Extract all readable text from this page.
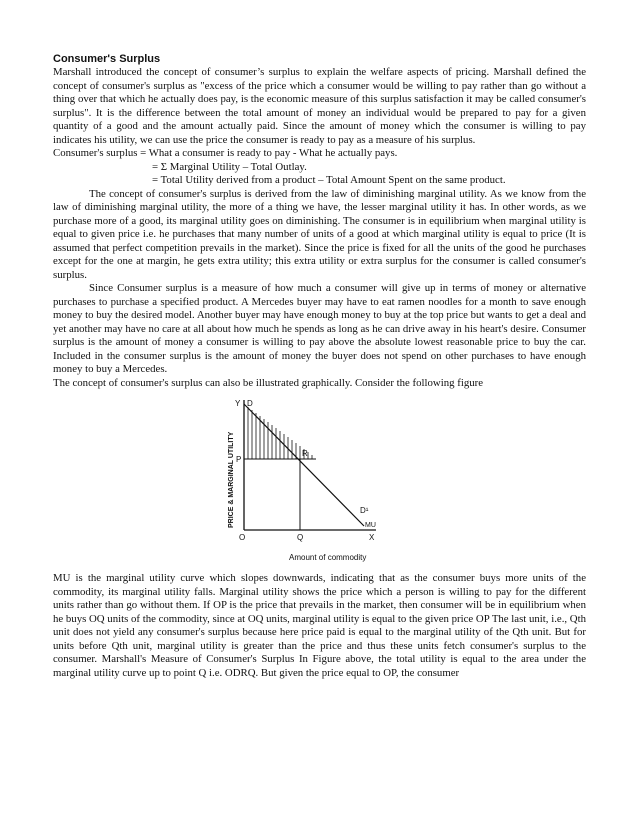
Consumer's Surplus

Marshall introduced the concept of consumer’s surplus to explain the welfare aspects of pricing. Marshall defined the concept of consumer's surplus as "excess of the price which a consumer would be willing to pay rather than go without a thing over that which he actually does pay, is the economic measure of this surplus satisfaction it may be called consumer's surplus". It is the difference between the total amount of money an individual would be prepared to pay for a given quantity of a good and the amount actually paid. Since the amount of money which the consumer is willing to pay indicates his utility, we can use the price the consumer is ready to pay as a measure of his surplus.

Consumer's surplus = What a consumer is ready to pay - What he actually pays.

= Σ Marginal Utility – Total Outlay.

= Total Utility derived from a product – Total Amount Spent on the same product.

The concept of consumer's surplus is derived from the law of diminishing marginal utility. As we know from the law of diminishing marginal utility, the more of a thing we have, the lesser marginal utility it has. In other words, as we purchase more of a good, its marginal utility goes on diminishing. The consumer is in equilibrium when marginal utility is equal to given price i.e. he purchases that many number of units of a good at which marginal utility is equal to price (It is assumed that perfect competition prevails in the market). Since the price is fixed for all the units of the good he purchases except for the one at margin, he gets extra utility; this extra utility or extra surplus for the consumer is called consumer's surplus.

Since Consumer surplus is a measure of how much a consumer will give up in terms of money or alternative purchases to purchase a specified product. A Mercedes buyer may have to eat ramen noodles for a month to save enough money to buy the desired model. Another buyer may have enough money to buy at the top price but wants to get a deal and yet another may have no care at all about how much he spends as long as he can drive away in his heart's desire. Consumer surplus is the amount of money a consumer is willing to pay above the absolute lowest reasonable price to buy the car. Included in the consumer surplus is the amount of money the buyer does not spend on other purchases to have enough money to buy a Mercedes.

The concept of consumer's surplus can also be illustrated graphically. Consider the following figure

Y D
P
R
O	Q	X
D¹
MU
PRICE & MARGINAL UTILITY
Amount of commodity

MU is the marginal utility curve which slopes downwards, indicating that as the consumer buys more units of the commodity, its marginal utility falls. Marginal utility shows the price which a person is willing to pay for the different units rather than go without them. If OP is the price that prevails in the market, then consumer will be in equilibrium when he buys OQ units of the commodity, since at OQ units, marginal utility is equal to the given price OP The last unit, i.e., Qth unit does not yield any consumer's surplus because here price paid is equal to the marginal utility of the Qth unit. But for units before Qth unit, marginal utility is greater than the price and thus these units fetch consumer's surplus to the consumer. Marshall's Measure of Consumer's Surplus In Figure above, the total utility is equal to the area under the marginal utility curve up to point Q i.e. ODRQ. But given the price equal to OP, the consumer
